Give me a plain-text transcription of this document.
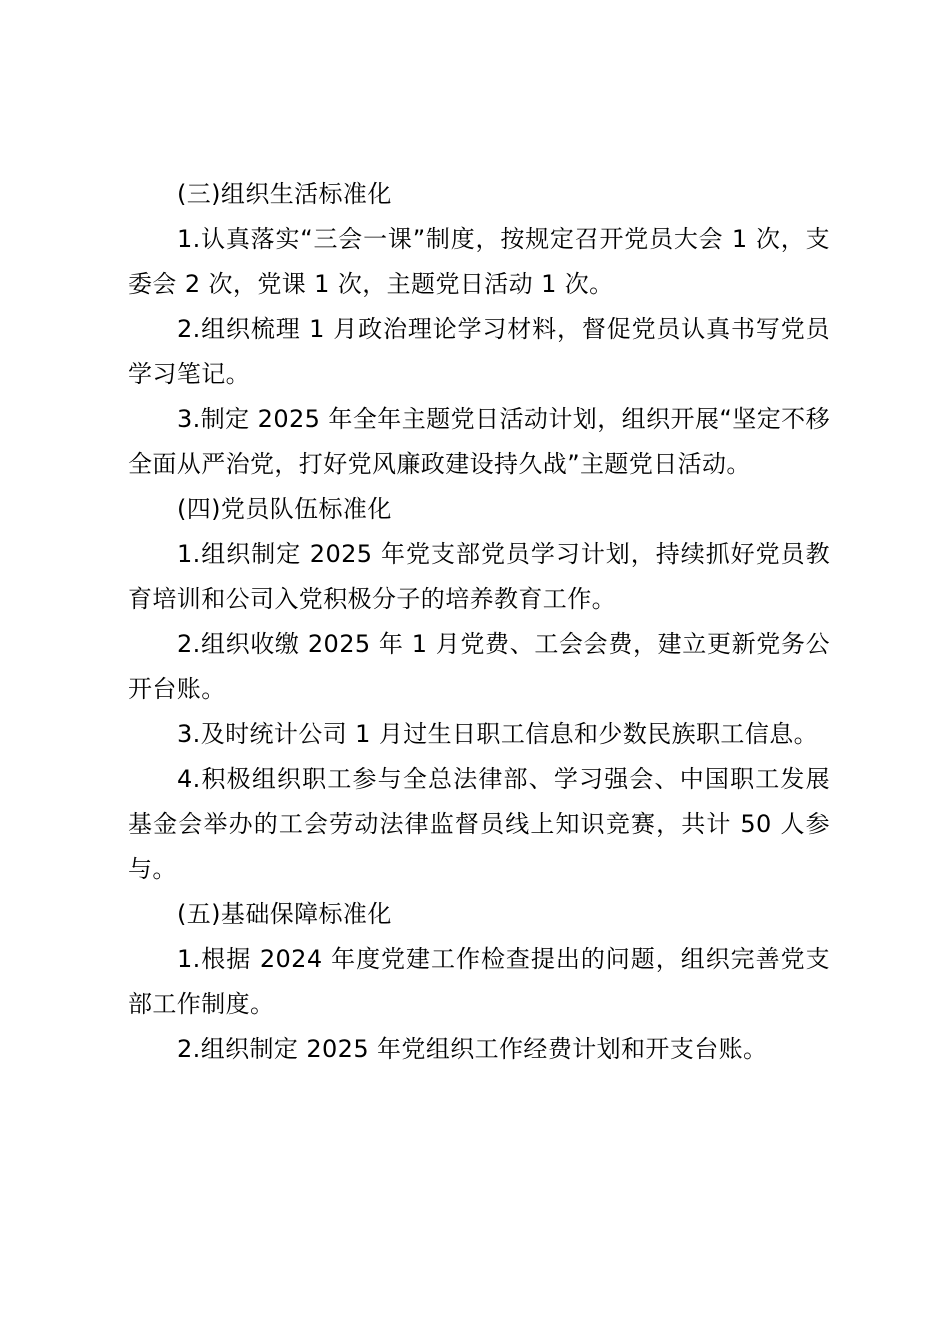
(三)组织生活标准化

1.认真落实“三会一课”制度，按规定召开党员大会 1 次，支委会 2 次，党课 1 次，主题党日活动 1 次。

2.组织梳理 1 月政治理论学习材料，督促党员认真书写党员学习笔记。

3.制定 2025 年全年主题党日活动计划，组织开展“坚定不移全面从严治党，打好党风廉政建设持久战”主题党日活动。

(四)党员队伍标准化

1.组织制定 2025 年党支部党员学习计划，持续抓好党员教育培训和公司入党积极分子的培养教育工作。

2.组织收缴 2025 年 1 月党费、工会会费，建立更新党务公开台账。

3.及时统计公司 1 月过生日职工信息和少数民族职工信息。

4.积极组织职工参与全总法律部、学习强会、中国职工发展基金会举办的工会劳动法律监督员线上知识竞赛，共计 50 人参与。

(五)基础保障标准化

1.根据 2024 年度党建工作检查提出的问题，组织完善党支部工作制度。

2.组织制定 2025 年党组织工作经费计划和开支台账。
